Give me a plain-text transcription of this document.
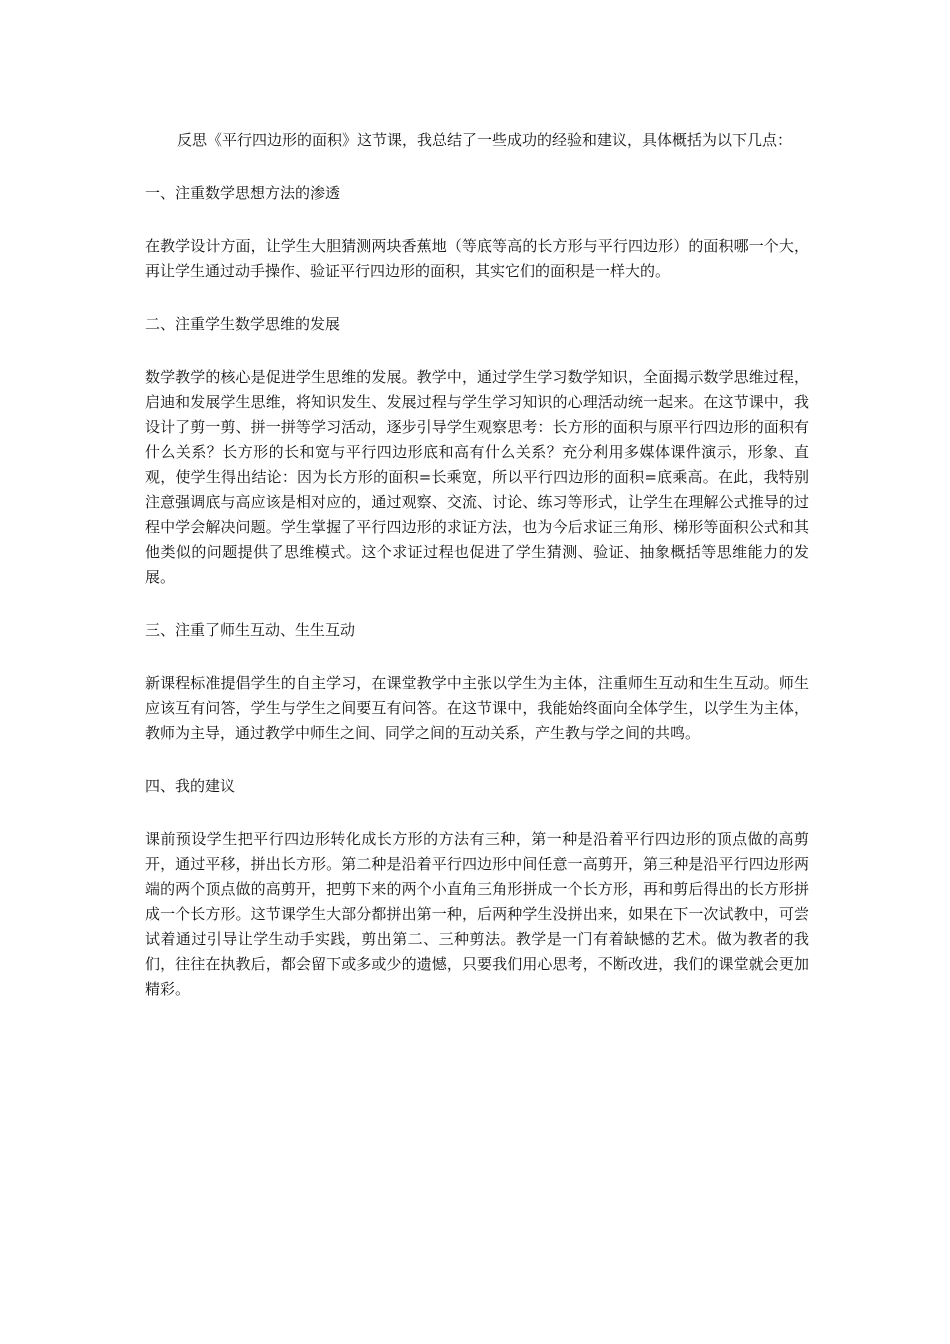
反思《平行四边形的面积》这节课，我总结了一些成功的经验和建议，具体概括为以下几点：

一、注重数学思想方法的渗透

在教学设计方面，让学生大胆猜测两块香蕉地（等底等高的长方形与平行四边形）的面积哪一个大，再让学生通过动手操作、验证平行四边形的面积，其实它们的面积是一样大的。

二、注重学生数学思维的发展

数学教学的核心是促进学生思维的发展。教学中，通过学生学习数学知识，全面揭示数学思维过程，启迪和发展学生思维，将知识发生、发展过程与学生学习知识的心理活动统一起来。在这节课中，我设计了剪一剪、拼一拼等学习活动，逐步引导学生观察思考：长方形的面积与原平行四边形的面积有什么关系？长方形的长和宽与平行四边形底和高有什么关系？充分利用多媒体课件演示，形象、直观，使学生得出结论：因为长方形的面积=长乘宽，所以平行四边形的面积=底乘高。在此，我特别注意强调底与高应该是相对应的，通过观察、交流、讨论、练习等形式，让学生在理解公式推导的过程中学会解决问题。学生掌握了平行四边形的求证方法，也为今后求证三角形、梯形等面积公式和其他类似的问题提供了思维模式。这个求证过程也促进了学生猜测、验证、抽象概括等思维能力的发展。

三、注重了师生互动、生生互动

新课程标准提倡学生的自主学习，在课堂教学中主张以学生为主体，注重师生互动和生生互动。师生应该互有问答，学生与学生之间要互有问答。在这节课中，我能始终面向全体学生，以学生为主体，教师为主导，通过教学中师生之间、同学之间的互动关系，产生教与学之间的共鸣。

四、我的建议

课前预设学生把平行四边形转化成长方形的方法有三种，第一种是沿着平行四边形的顶点做的高剪开，通过平移，拼出长方形。第二种是沿着平行四边形中间任意一高剪开，第三种是沿平行四边形两端的两个顶点做的高剪开，把剪下来的两个小直角三角形拼成一个长方形，再和剪后得出的长方形拼成一个长方形。这节课学生大部分都拼出第一种，后两种学生没拼出来，如果在下一次试教中，可尝试着通过引导让学生动手实践，剪出第二、三种剪法。教学是一门有着缺憾的艺术。做为教者的我们，往往在执教后，都会留下或多或少的遗憾，只要我们用心思考，不断改进，我们的课堂就会更加精彩。
